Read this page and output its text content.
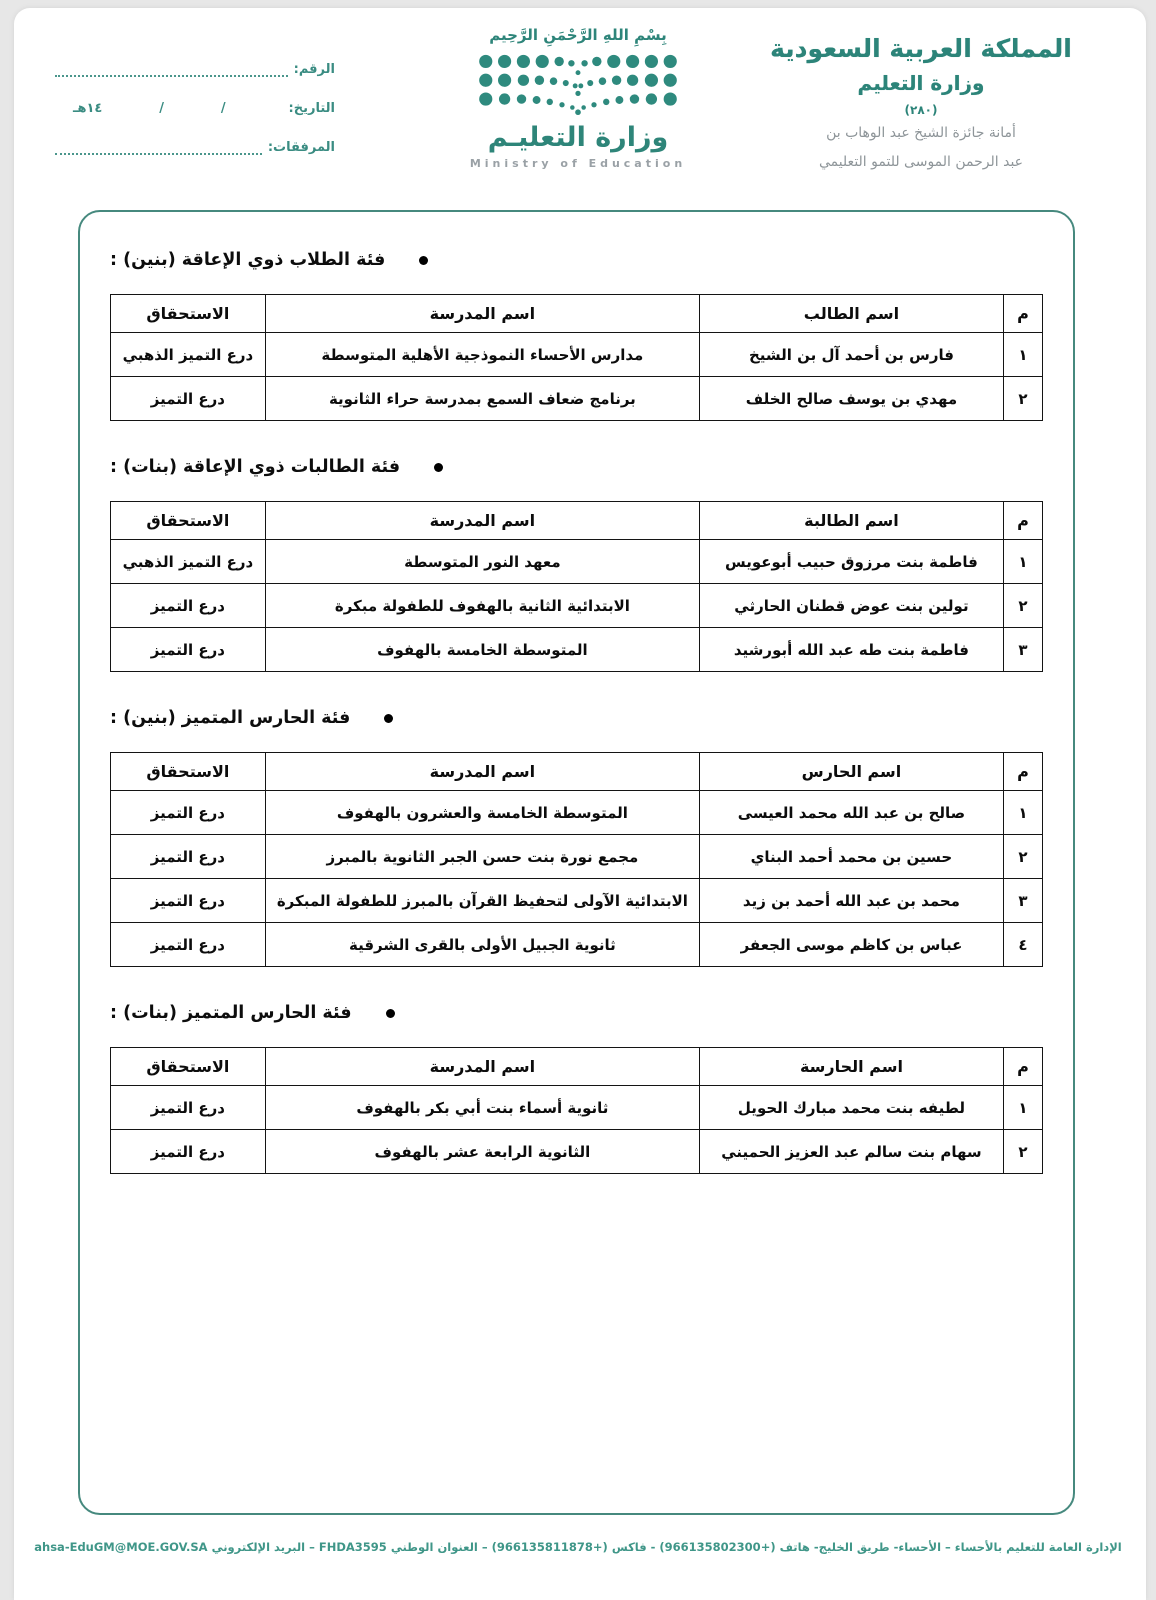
الرقم:
التاريخ:
/
/
١٤هـ
المرفقات:
بِسْمِ اللهِ الرَّحْمَنِ الرَّحِيم
وزارة التعليـم
Ministry of Education
المملكة العربية السعودية
وزارة التعليم
(٢٨٠)
أمانة جائزة الشيخ عبد الوهاب بن
عبد الرحمن الموسى للتمو التعليمي
فئة الطلاب ذوي الإعاقة (بنين) :
م	اسم الطالب	اسم المدرسة	الاستحقاق
١	فارس بن أحمد آل بن الشيخ	مدارس الأحساء النموذجية الأهلية المتوسطة	درع التميز الذهبي
٢	مهدي بن يوسف صالح الخلف	برنامج ضعاف السمع بمدرسة حراء الثانوية	درع التميز
فئة الطالبات ذوي الإعاقة (بنات) :
م	اسم الطالبة	اسم المدرسة	الاستحقاق
١	فاطمة بنت مرزوق حبيب أبوعويس	معهد النور المتوسطة	درع التميز الذهبي
٢	تولين بنت عوض قطنان الحارثي	الابتدائية الثانية بالهفوف للطفولة مبكرة	درع التميز
٣	فاطمة بنت طه عبد الله أبورشيد	المتوسطة الخامسة بالهفوف	درع التميز
فئة الحارس المتميز (بنين) :
م	اسم الحارس	اسم المدرسة	الاستحقاق
١	صالح بن عبد الله محمد العيسى	المتوسطة الخامسة والعشرون بالهفوف	درع التميز
٢	حسين بن محمد أحمد البناي	مجمع نورة بنت حسن الجبر الثانوية بالمبرز	درع التميز
٣	محمد بن عبد الله أحمد بن زيد	الابتدائية الآولى لتحفيظ القرآن بالمبرز للطفولة المبكرة	درع التميز
٤	عباس بن كاظم موسى الجعفر	ثانوية الجبيل الأولى بالقرى الشرقية	درع التميز
فئة الحارس المتميز (بنات) :
م	اسم الحارسة	اسم المدرسة	الاستحقاق
١	لطيفه بنت محمد مبارك الحويل	ثانوية أسماء بنت أبي بكر بالهفوف	درع التميز
٢	سهام بنت سالم عبد العزيز الحميني	الثانوية الرابعة عشر بالهفوف	درع التميز
الإدارة العامة للتعليم بالأحساء – الأحساء- طريق الخليج- هاتف (+966135802300) - فاكس (+966135811878) – العنوان الوطني FHDA3595 – البريد الإلكتروني ahsa-EduGM@MOE.GOV.SA
